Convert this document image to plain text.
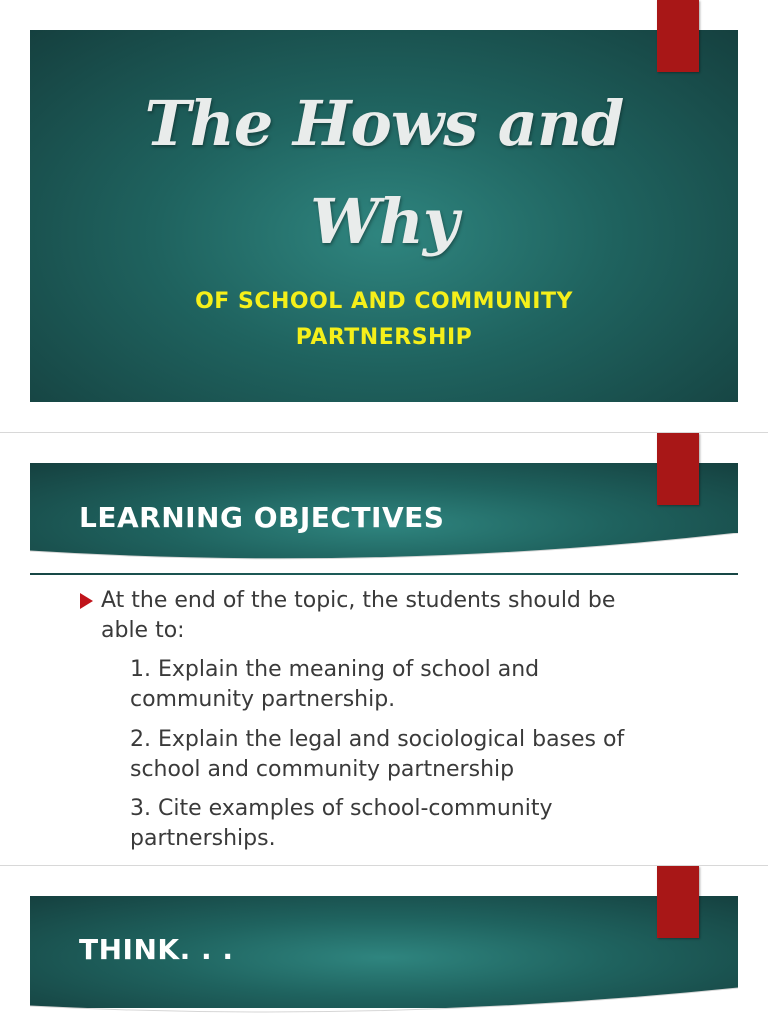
The Hows and
Why
OF SCHOOL AND COMMUNITY
PARTNERSHIP
LEARNING OBJECTIVES
At the end of the topic, the students should be
able to:
1. Explain the meaning of school and
community partnership.
2. Explain the legal and sociological bases of
school and community partnership
3. Cite examples of school-community
partnerships.
THINK. . .
